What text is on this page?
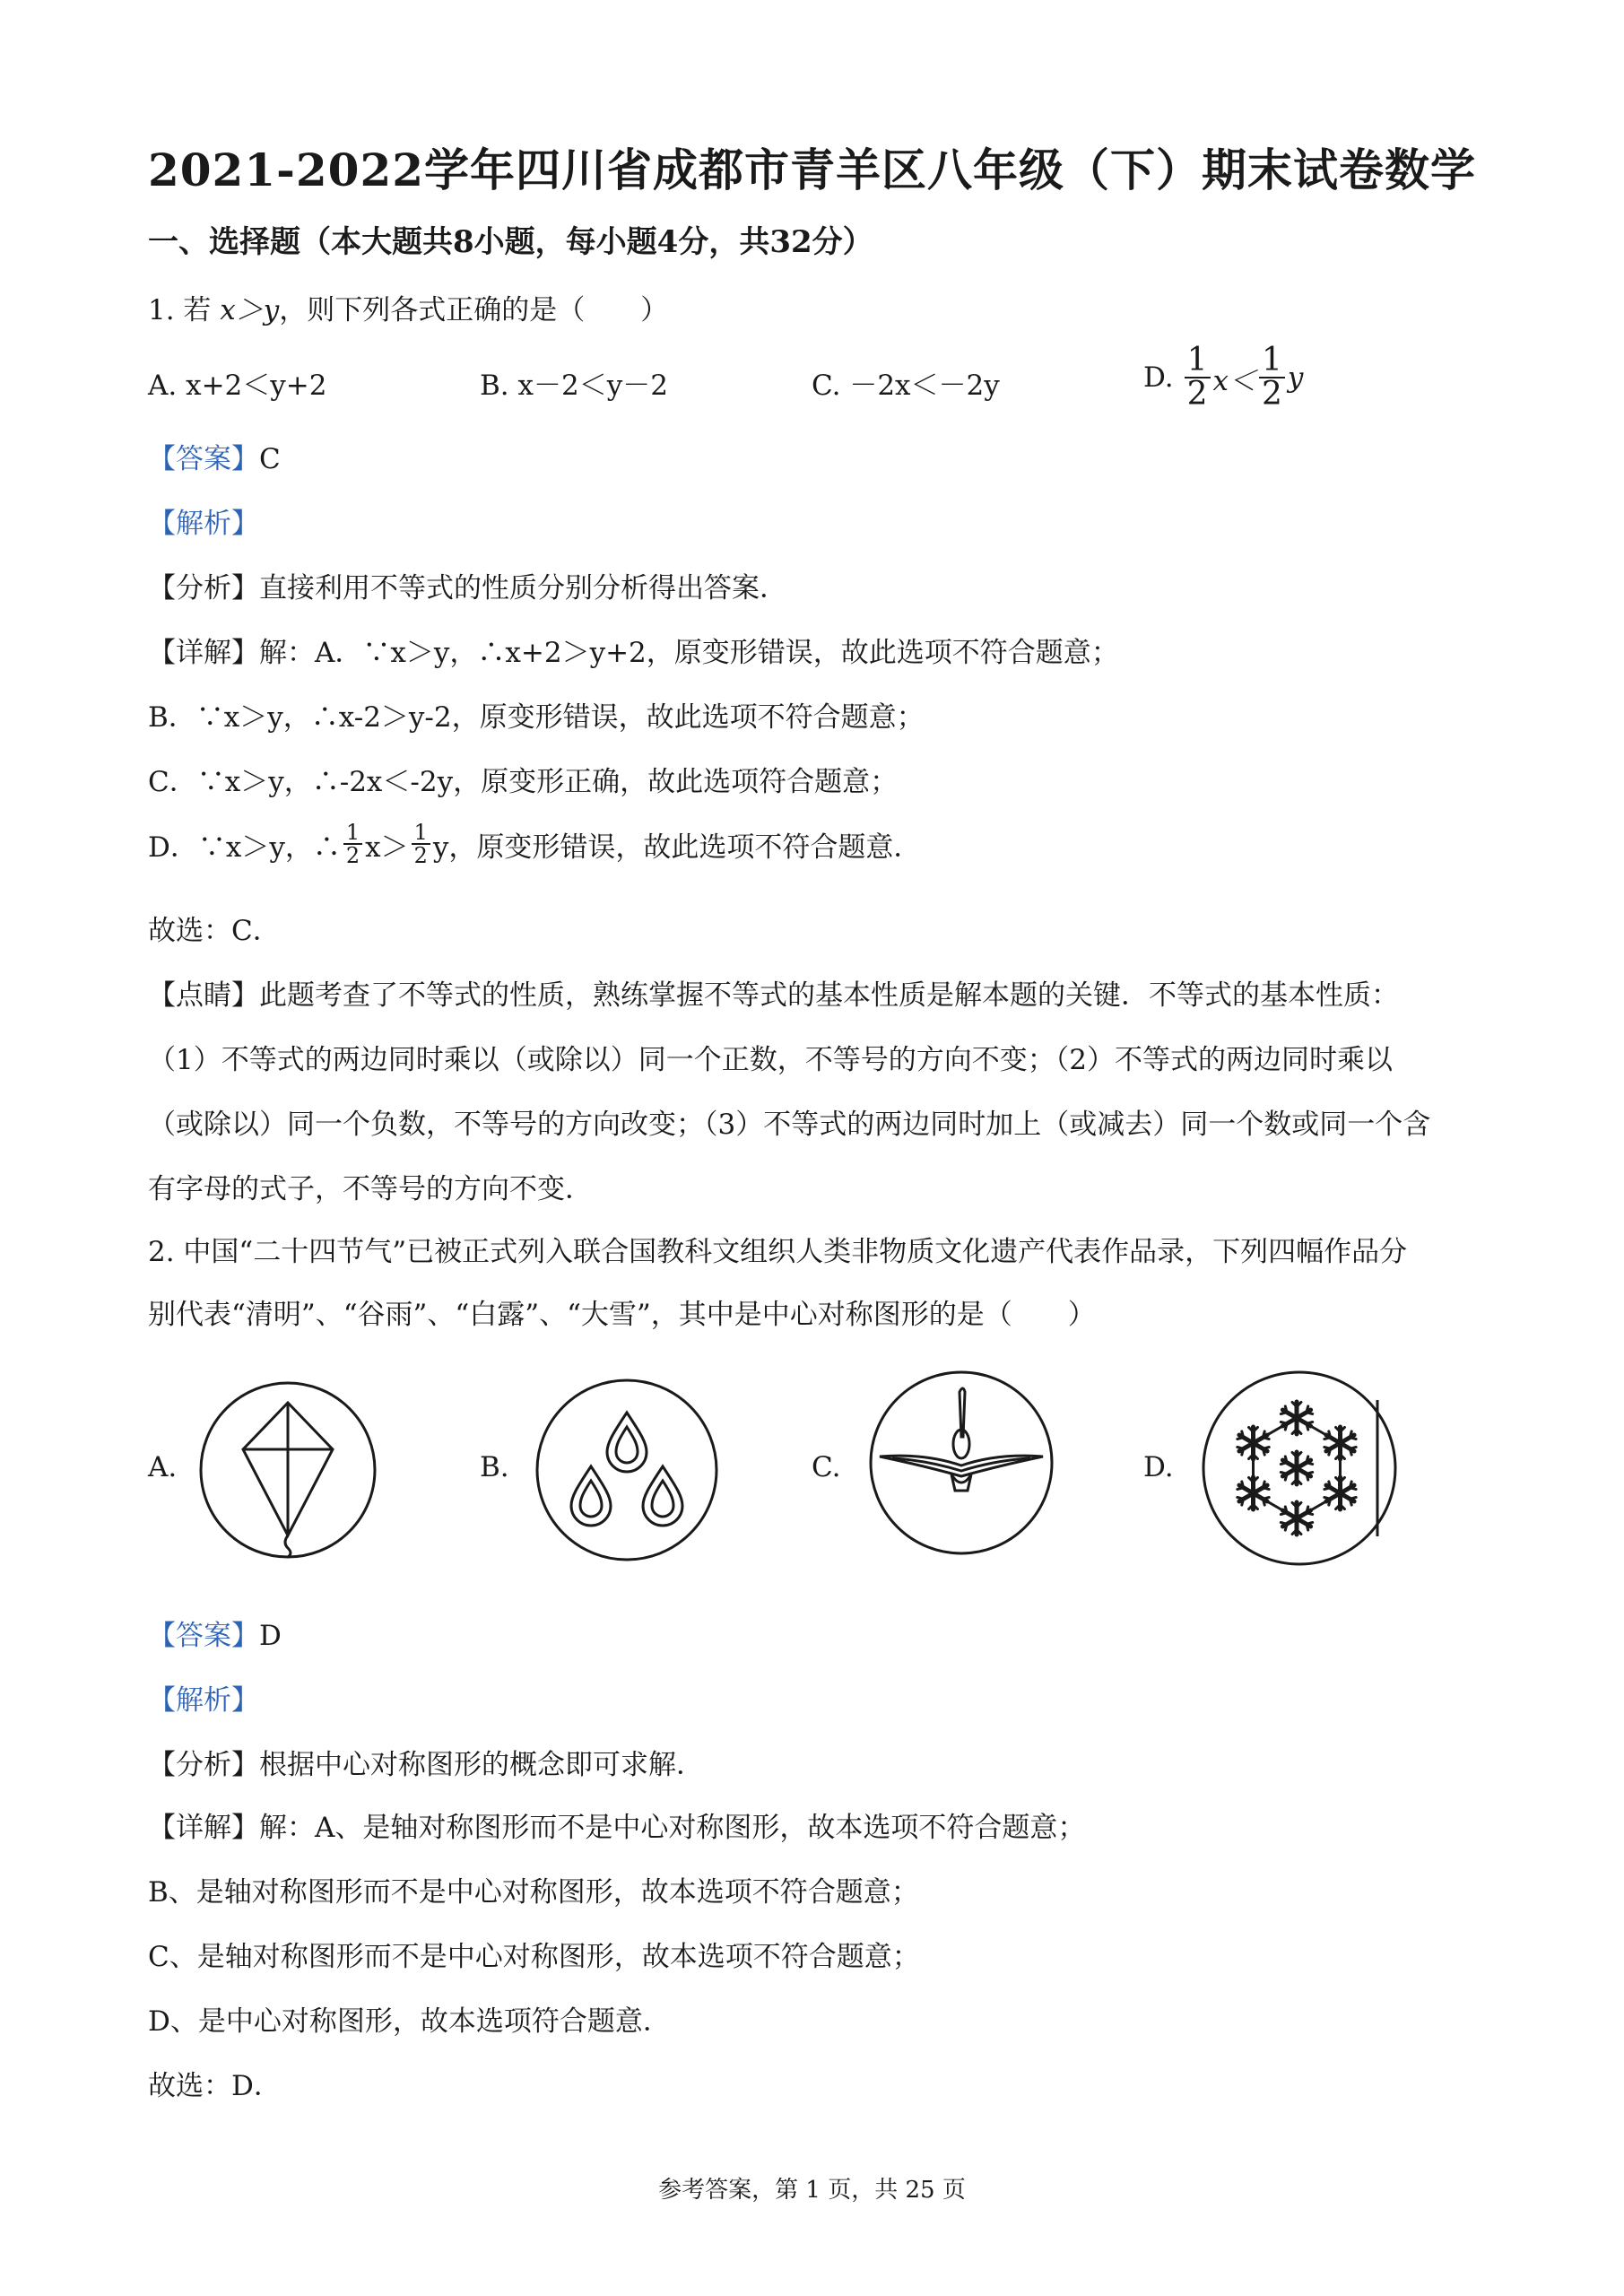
2021-2022学年四川省成都市青羊区八年级（下）期末试卷数学
一、选择题（本大题共8小题，每小题4分，共32分）
1. 若 x＞y，则下列各式正确的是（　　）
A. x+2＜y+2	B. x－2＜y－2	C. －2x＜－2y	D. $\frac{1}{2} x< \frac{1}{2}$ y
【答案】C
【解析】
【分析】直接利用不等式的性质分别分析得出答案．
【详解】解：A．∵x＞y，∴x+2＞y+2，原变形错误，故此选项不符合题意；
B．∵x＞y，∴x-2＞y-2，原变形错误，故此选项不符合题意；
C．∵x＞y，∴-2x＜-2y，原变形正确，故此选项符合题意；
D．∵x＞y，∴ $\frac{1}{2} x> \frac{1}{2}$ y，原变形错误，故此选项不符合题意．
故选：C．
【点睛】此题考查了不等式的性质，熟练掌握不等式的基本性质是解本题的关键．不等式的基本性质：
（1）不等式的两边同时乘以（或除以）同一个正数，不等号的方向不变；（2）不等式的两边同时乘以
（或除以）同一个负数，不等号的方向改变；（3）不等式的两边同时加上（或减去）同一个数或同一个含
有字母的式子，不等号的方向不变．
2. 中国“二十四节气”已被正式列入联合国教科文组织人类非物质文化遗产代表作品录，下列四幅作品分
别代表“清明”、“谷雨”、“白露”、“大雪”，其中是中心对称图形的是（　　）
A.	B.	C.	D.
【答案】D
【解析】
【分析】根据中心对称图形的概念即可求解．
【详解】解：A、是轴对称图形而不是中心对称图形，故本选项不符合题意；
B、是轴对称图形而不是中心对称图形，故本选项不符合题意；
C、是轴对称图形而不是中心对称图形，故本选项不符合题意；
D、是中心对称图形，故本选项符合题意．
故选：D．
参考答案，第 1 页，共 25 页
